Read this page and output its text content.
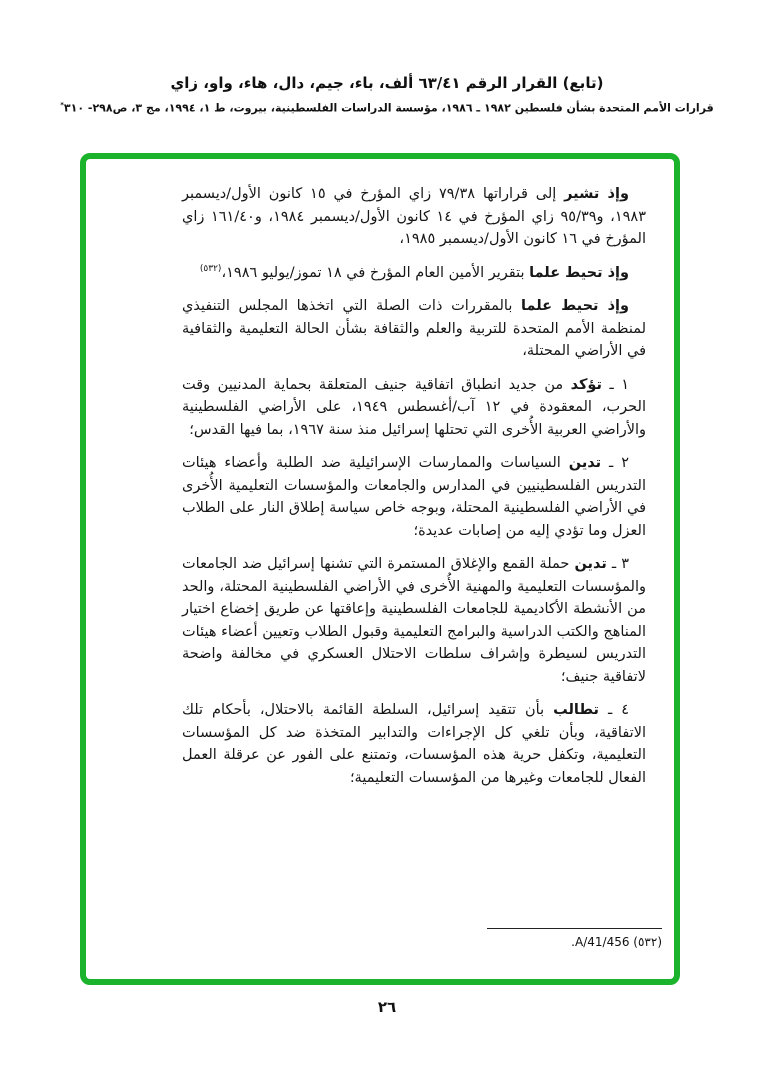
(تابع) القرار الرقم ٦٣/٤١ ألف، باء، جيم، دال، هاء، واو، زاي
قرارات الأمم المتحدة بشأن فلسطين ١٩٨٢ ـ ١٩٨٦، مؤسسة الدراسات الفلسطينية، بيروت، ط ١، ١٩٩٤، مج ٣، ص٢٩٨- ٣١٠*

وإذ تشير إلى قراراتها ٧٩/٣٨ زاي المؤرخ في ١٥ كانون الأول/ديسمبر ١٩٨٣، و٩٥/٣٩ زاي المؤرخ في ١٤ كانون الأول/ديسمبر ١٩٨٤، و١٦١/٤٠ زاي المؤرخ في ١٦ كانون الأول/ديسمبر ١٩٨٥،

وإذ تحيط علما بتقرير الأمين العام المؤرخ في ١٨ تموز/يوليو ١٩٨٦،$^{(٥٣٢)}$

وإذ تحيط علما بالمقررات ذات الصلة التي اتخذها المجلس التنفيذي لمنظمة الأمم المتحدة للتربية والعلم والثقافة بشأن الحالة التعليمية والثقافية في الأراضي المحتلة،

١ ـ تؤكد من جديد انطباق اتفاقية جنيف المتعلقة بحماية المدنيين وقت الحرب، المعقودة في ١٢ آب/أغسطس ١٩٤٩، على الأراضي الفلسطينية والأراضي العربية الأُخرى التي تحتلها إسرائيل منذ سنة ١٩٦٧، بما فيها القدس؛

٢ ـ تدين السياسات والممارسات الإسرائيلية ضد الطلبة وأعضاء هيئات التدريس الفلسطينيين في المدارس والجامعات والمؤسسات التعليمية الأُخرى في الأراضي الفلسطينية المحتلة، وبوجه خاص سياسة إطلاق النار على الطلاب العزل وما تؤدي إليه من إصابات عديدة؛

٣ ـ تدين حملة القمع والإغلاق المستمرة التي تشنها إسرائيل ضد الجامعات والمؤسسات التعليمية والمهنية الأُخرى في الأراضي الفلسطينية المحتلة، والحد من الأنشطة الأكاديمية للجامعات الفلسطينية وإعاقتها عن طريق إخضاع اختيار المناهج والكتب الدراسية والبرامج التعليمية وقبول الطلاب وتعيين أعضاء هيئات التدريس لسيطرة وإشراف سلطات الاحتلال العسكري في مخالفة واضحة لاتفاقية جنيف؛

٤ ـ تطالب بأن تتقيد إسرائيل، السلطة القائمة بالاحتلال، بأحكام تلك الاتفاقية، وبأن تلغي كل الإجراءات والتدابير المتخذة ضد كل المؤسسات التعليمية، وتكفل حرية هذه المؤسسات، وتمتنع على الفور عن عرقلة العمل الفعال للجامعات وغيرها من المؤسسات التعليمية؛

(٥٣٢) A/41/456.
٢٦
